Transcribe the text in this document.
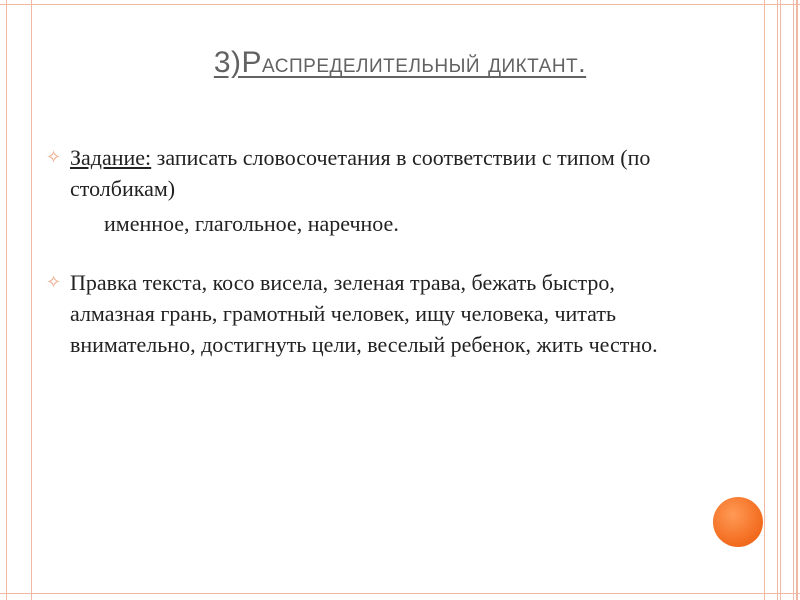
3)Распределительный диктант.
✧ Задание: записать словосочетания в соответствии с типом (по столбикам)
именное, глагольное, наречное.
✧ Правка текста, косо висела, зеленая трава, бежать быстро, алмазная грань, грамотный человек, ищу человека, читать внимательно, достигнуть цели, веселый ребенок, жить честно.
